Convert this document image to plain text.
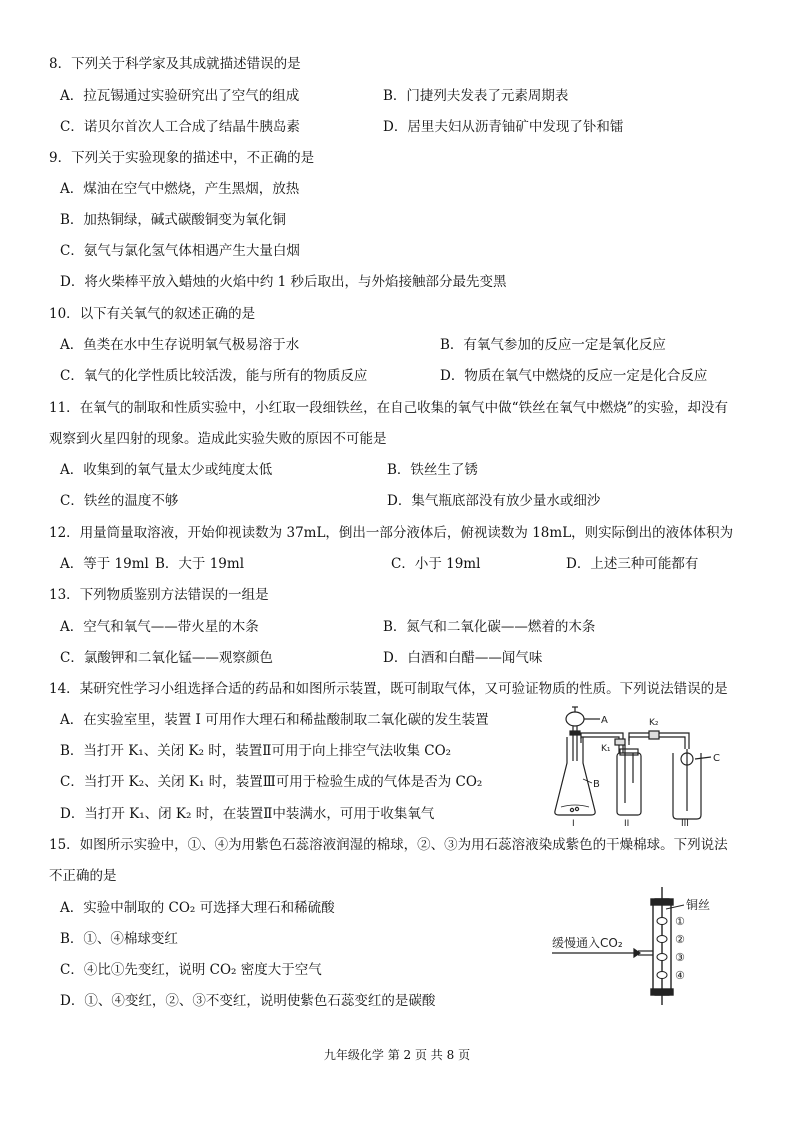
8．下列关于科学家及其成就描述错误的是
A．拉瓦锡通过实验研究出了空气的组成	B．门捷列夫发表了元素周期表
C．诺贝尔首次人工合成了结晶牛胰岛素	D．居里夫妇从沥青铀矿中发现了钋和镭
9．下列关于实验现象的描述中，不正确的是
A．煤油在空气中燃烧，产生黑烟，放热
B．加热铜绿，碱式碳酸铜变为氧化铜
C．氨气与氯化氢气体相遇产生大量白烟
D．将火柴棒平放入蜡烛的火焰中约 1 秒后取出，与外焰接触部分最先变黑
10．以下有关氧气的叙述正确的是
A．鱼类在水中生存说明氧气极易溶于水	B．有氧气参加的反应一定是氧化反应
C．氧气的化学性质比较活泼，能与所有的物质反应	D．物质在氧气中燃烧的反应一定是化合反应
11．在氧气的制取和性质实验中，小红取一段细铁丝，在自己收集的氧气中做“铁丝在氧气中燃烧”的实验，却没有
观察到火星四射的现象。造成此实验失败的原因不可能是
A．收集到的氧气量太少或纯度太低	B．铁丝生了锈
C．铁丝的温度不够	D．集气瓶底部没有放少量水或细沙
12．用量筒量取溶液，开始仰视读数为 37mL，倒出一部分液体后，俯视读数为 18mL，则实际倒出的液体体积为
A．等于 19ml B．大于 19ml	C．小于 19ml	D．上述三种可能都有
13．下列物质鉴别方法错误的一组是
A．空气和氧气——带火星的木条	B．氮气和二氧化碳——燃着的木条
C．氯酸钾和二氧化锰——观察颜色	D．白酒和白醋——闻气味
14．某研究性学习小组选择合适的药品和如图所示装置，既可制取气体，又可验证物质的性质。下列说法错误的是
A．在实验室里，装置 I 可用作大理石和稀盐酸制取二氧化碳的发生装置
B．当打开 K₁、关闭 K₂ 时，装置Ⅱ可用于向上排空气法收集 CO₂
C．当打开 K₂、关闭 K₁ 时，装置Ⅲ可用于检验生成的气体是否为 CO₂
D．当打开 K₁、闭 K₂ 时，在装置Ⅱ中装满水，可用于收集氧气
A
B
I
K₂
K₁
II
C
III
15．如图所示实验中，①、④为用紫色石蕊溶液润湿的棉球，②、③为用石蕊溶液染成紫色的干燥棉球。下列说法
不正确的是
A．实验中制取的 CO₂ 可选择大理石和稀硫酸
B．①、④棉球变红
C．④比①先变红，说明 CO₂ 密度大于空气
D．①、④变红，②、③不变红，说明使紫色石蕊变红的是碳酸
缓慢通入CO₂
①
②
③
④
铜丝
九年级化学 第 2 页 共 8 页
